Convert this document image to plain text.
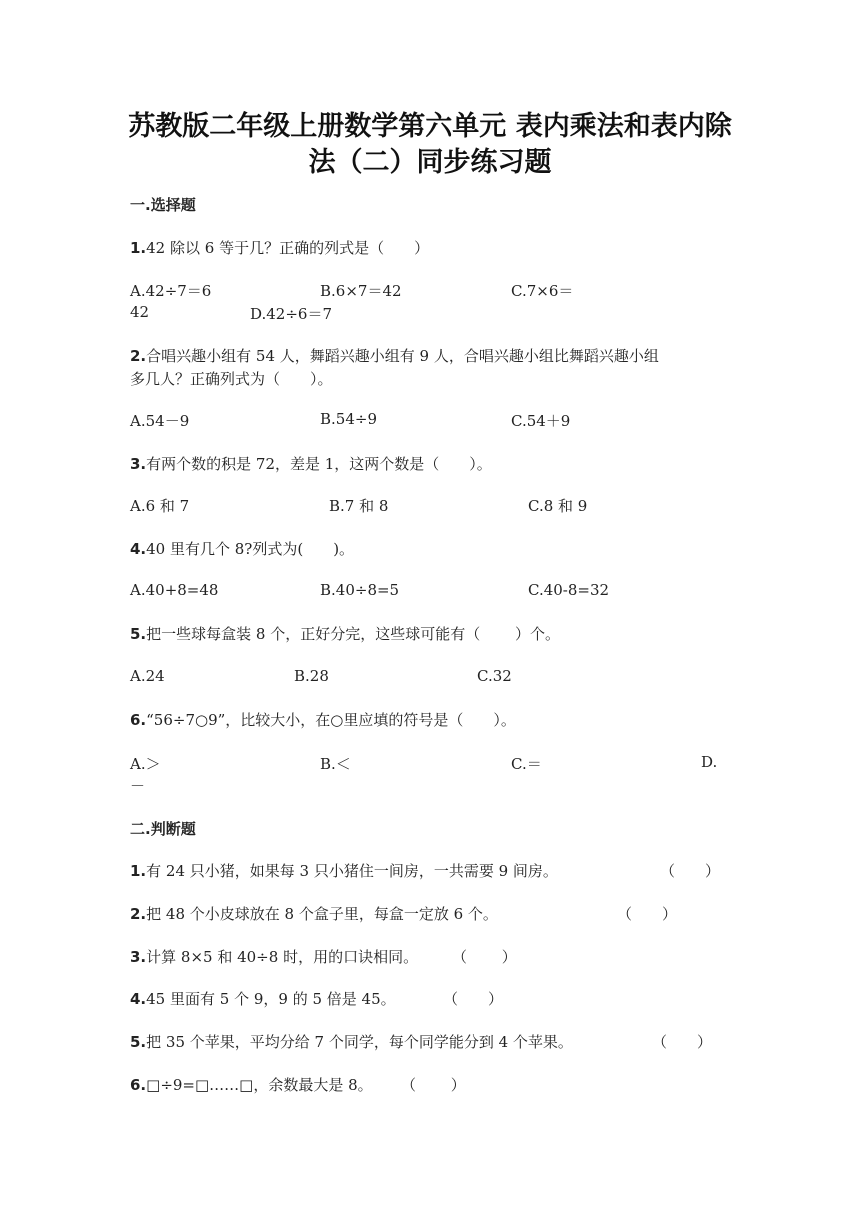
苏教版二年级上册数学第六单元 表内乘法和表内除
法（二）同步练习题
一.选择题
1.42 除以 6 等于几？正确的列式是（　　）
A.42÷7＝6	B.6×7＝42	C.7×6＝
42	D.42÷6＝7
2.合唱兴趣小组有 54 人，舞蹈兴趣小组有 9 人，合唱兴趣小组比舞蹈兴趣小组
多几人？正确列式为（　　）。
A.54－9	B.54÷9	C.54＋9
3.有两个数的积是 72，差是 1，这两个数是（　　）。
A.6 和 7	B.7 和 8	C.8 和 9
4.40 里有几个 8?列式为(　　)。
A.40+8=48	B.40÷8=5	C.40-8=32
5.把一些球每盒装 8 个，正好分完，这些球可能有（　　 ）个。
A.24	B.28	C.32
6.“56÷7○9”，比较大小，在○里应填的符号是（　　）。
A.＞	B.＜	C.＝	D.
－
二.判断题
1.有 24 只小猪，如果每 3 只小猪住一间房，一共需要 9 间房。	（　　）
2.把 48 个小皮球放在 8 个盒子里，每盒一定放 6 个。	（　　）
3.计算 8×5 和 40÷8 时，用的口诀相同。 （　　 ）
4.45 里面有 5 个 9，9 的 5 倍是 45。	（　　）
5.把 35 个苹果，平均分给 7 个同学，每个同学能分到 4 个苹果。	（　　）
6.□÷9=□……□，余数最大是 8。 （　　 ）
